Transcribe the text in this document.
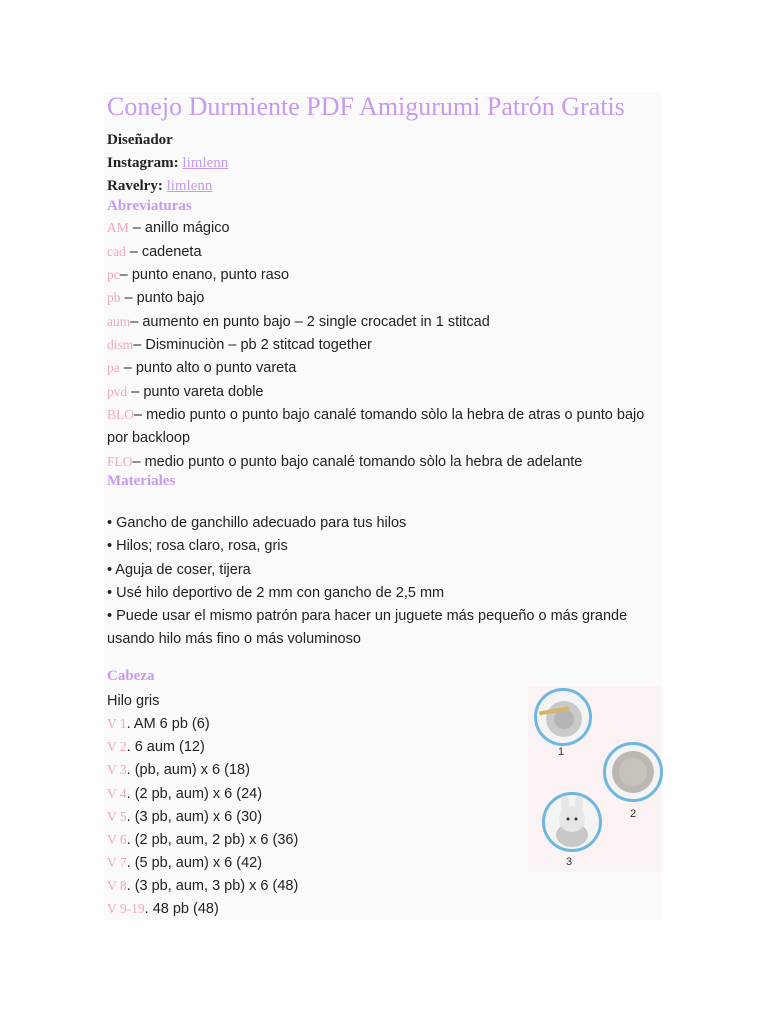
Conejo Durmiente PDF Amigurumi Patrón Gratis
Diseñador
Instagram: limlenn
Ravelry: limlenn
Abreviaturas
AM – anillo mágico
cad – cadeneta
pc– punto enano, punto raso
pb – punto bajo
aum– aumento en punto bajo – 2 single crocadet in 1 stitcad
dism– Disminuciòn – pb 2 stitcad together
pa – punto alto o punto vareta
pvd – punto vareta doble
BLO– medio punto o punto bajo canalé tomando sòlo la hebra de atras o punto bajo
por backloop
FLO– medio punto o punto bajo canalé tomando sòlo la hebra de adelante
Materiales
• Gancho de ganchillo adecuado para tus hilos
• Hilos; rosa claro, rosa, gris
• Aguja de coser, tijera
• Usé hilo deportivo de 2 mm con gancho de 2,5 mm
• Puede usar el mismo patrón para hacer un juguete más pequeño o más grande
usando hilo más fino o más voluminoso
Cabeza
Hilo gris
V 1. AM 6 pb (6)
V 2. 6 aum (12)
V 3. (pb, aum) x 6 (18)
V 4. (2 pb, aum) x 6 (24)
V 5. (3 pb, aum) x 6 (30)
V 6. (2 pb, aum, 2 pb) x 6 (36)
V 7. (5 pb, aum) x 6 (42)
V 8. (3 pb, aum, 3 pb) x 6 (48)
V 9-19. 48 pb (48)
1
2
3
